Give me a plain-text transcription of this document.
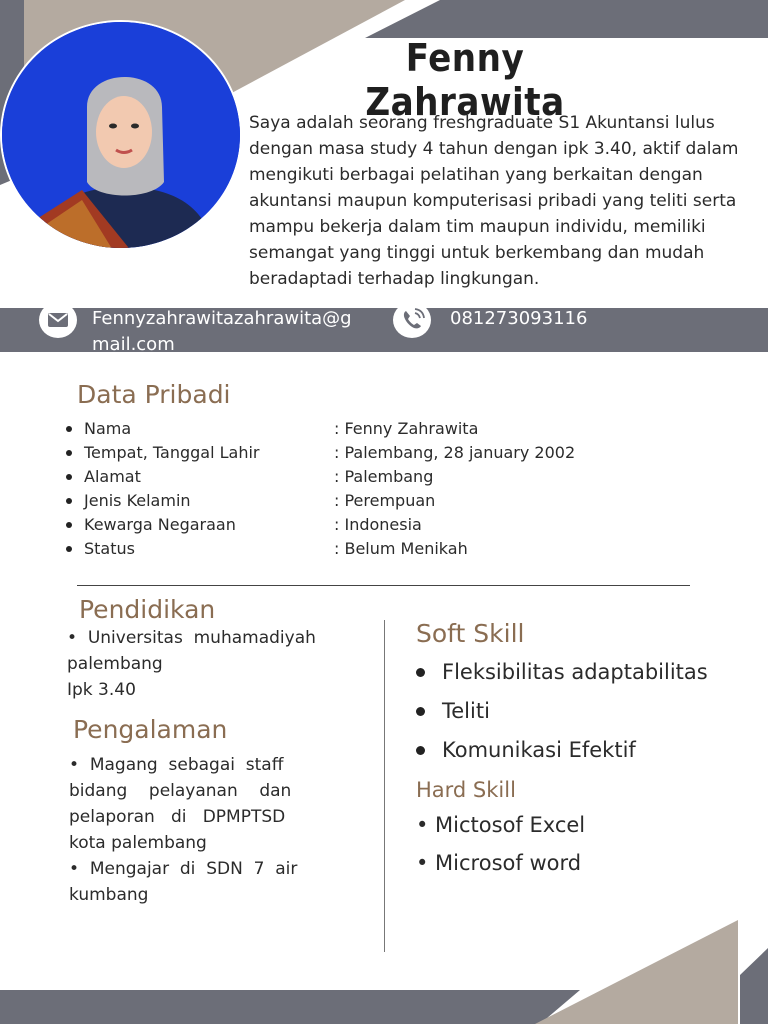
Fenny Zahrawita

Saya adalah seorang freshgraduate S1 Akuntansi lulus dengan masa study 4 tahun dengan ipk 3.40, aktif dalam mengikuti berbagai pelatihan yang berkaitan dengan akuntansi maupun komputerisasi pribadi yang teliti serta mampu bekerja dalam tim maupun individu, memiliki semangat yang tinggi untuk berkembang dan mudah beradaptadi terhadap lingkungan.

Fennyzahrawitazahrawita@g
mail.com
081273093116
Data Pribadi
Nama	: Fenny Zahrawita
Tempat, Tanggal Lahir	: Palembang, 28 january 2002
Alamat	: Palembang
Jenis Kelamin	: Perempuan
Kewarga Negaraan	: Indonesia
Status	: Belum Menikah
Pendidikan
•  Universitas  muhamadiyah
palembang
Ipk 3.40
Pengalaman
•  Magang  sebagai  staff
bidang    pelayanan    dan
pelaporan   di   DPMPTSD
kota palembang
•  Mengajar  di  SDN  7  air
kumbang
Soft Skill
Fleksibilitas adaptabilitas
Teliti
Komunikasi Efektif
Hard Skill
• Mictosof Excel
• Microsof word
